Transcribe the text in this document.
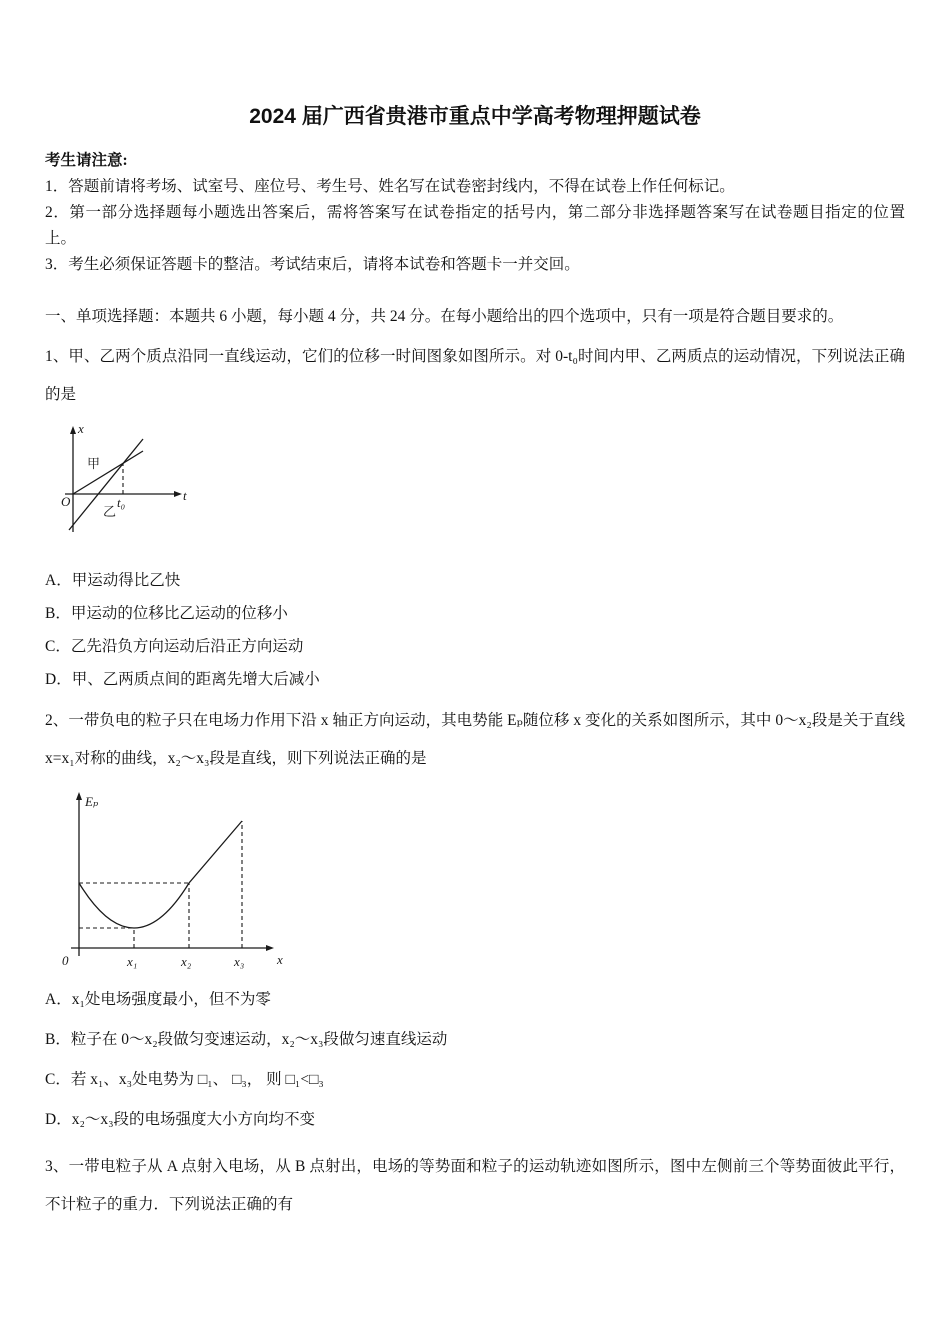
2024 届广西省贵港市重点中学高考物理押题试卷

考生请注意:

1．答题前请将考场、试室号、座位号、考生号、姓名写在试卷密封线内，不得在试卷上作任何标记。

2．第一部分选择题每小题选出答案后，需将答案写在试卷指定的括号内，第二部分非选择题答案写在试卷题目指定的位置上。

3．考生必须保证答题卡的整洁。考试结束后，请将本试卷和答题卡一并交回。

一、单项选择题：本题共 6 小题，每小题 4 分，共 24 分。在每小题给出的四个选项中，只有一项是符合题目要求的。

1、甲、乙两个质点沿同一直线运动，它们的位移一时间图象如图所示。对 0-t₀时间内甲、乙两质点的运动情况，下列说法正确的是

x
t
O
甲
乙
t₀

A．甲运动得比乙快

B．甲运动的位移比乙运动的位移小

C．乙先沿负方向运动后沿正方向运动

D．甲、乙两质点间的距离先增大后减小

2、一带负电的粒子只在电场力作用下沿 x 轴正方向运动，其电势能 Eₚ随位移 x 变化的关系如图所示，其中 0～x₂段是关于直线 x=x₁对称的曲线，x₂～x₃段是直线，则下列说法正确的是

Eₚ
x
0	x₁	x₂	x₃

A．x₁处电场强度最小，但不为零

B．粒子在 0～x₂段做匀变速运动，x₂～x₃段做匀速直线运动

C．若 x₁、x₃处电势为 □₁、 □₃， 则 □₁<□₃

D．x₂～x₃段的电场强度大小方向均不变

3、一带电粒子从 A 点射入电场，从 B 点射出，电场的等势面和粒子的运动轨迹如图所示，图中左侧前三个等势面彼此平行，不计粒子的重力．下列说法正确的有
